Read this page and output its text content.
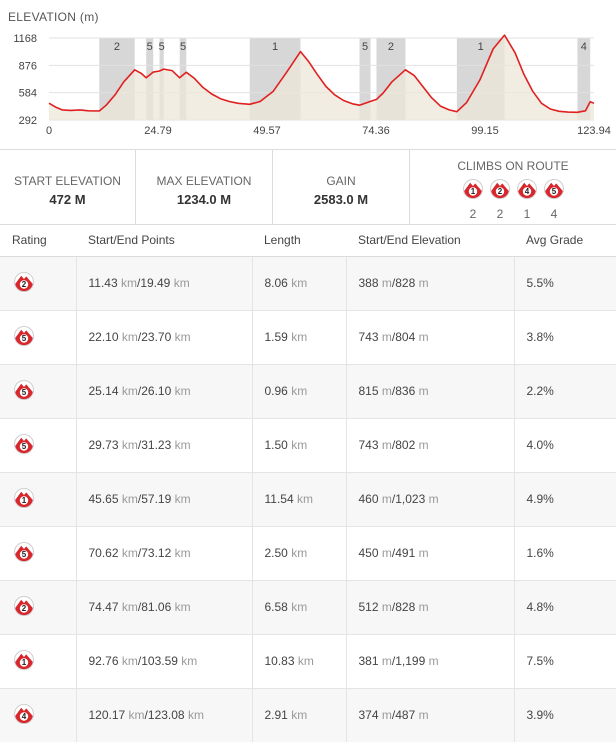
2 5 5 5	1	5 2	1	4
1168
876
584
292
0	24.79	49.57	74.36	99.15	123.94
ELEVATION (m)
START ELEVATION
472 M
MAX ELEVATION
1234.0 M
GAIN
2583.0 M
CLIMBS ON ROUTE
1
2
2
2
4
1
5
4
Rating	Start/End Points	Length	Start/End Elevation	Avg Grade

2	11.43 km/19.49 km	8.06 km	388 m/828 m	5.5%

5	22.10 km/23.70 km	1.59 km	743 m/804 m	3.8%

5	25.14 km/26.10 km	0.96 km	815 m/836 m	2.2%

5	29.73 km/31.23 km	1.50 km	743 m/802 m	4.0%

1	45.65 km/57.19 km	11.54 km	460 m/1,023 m	4.9%

5	70.62 km/73.12 km	2.50 km	450 m/491 m	1.6%

2	74.47 km/81.06 km	6.58 km	512 m/828 m	4.8%

1	92.76 km/103.59 km	10.83 km	381 m/1,199 m	7.5%

4	120.17 km/123.08 km	2.91 km	374 m/487 m	3.9%
